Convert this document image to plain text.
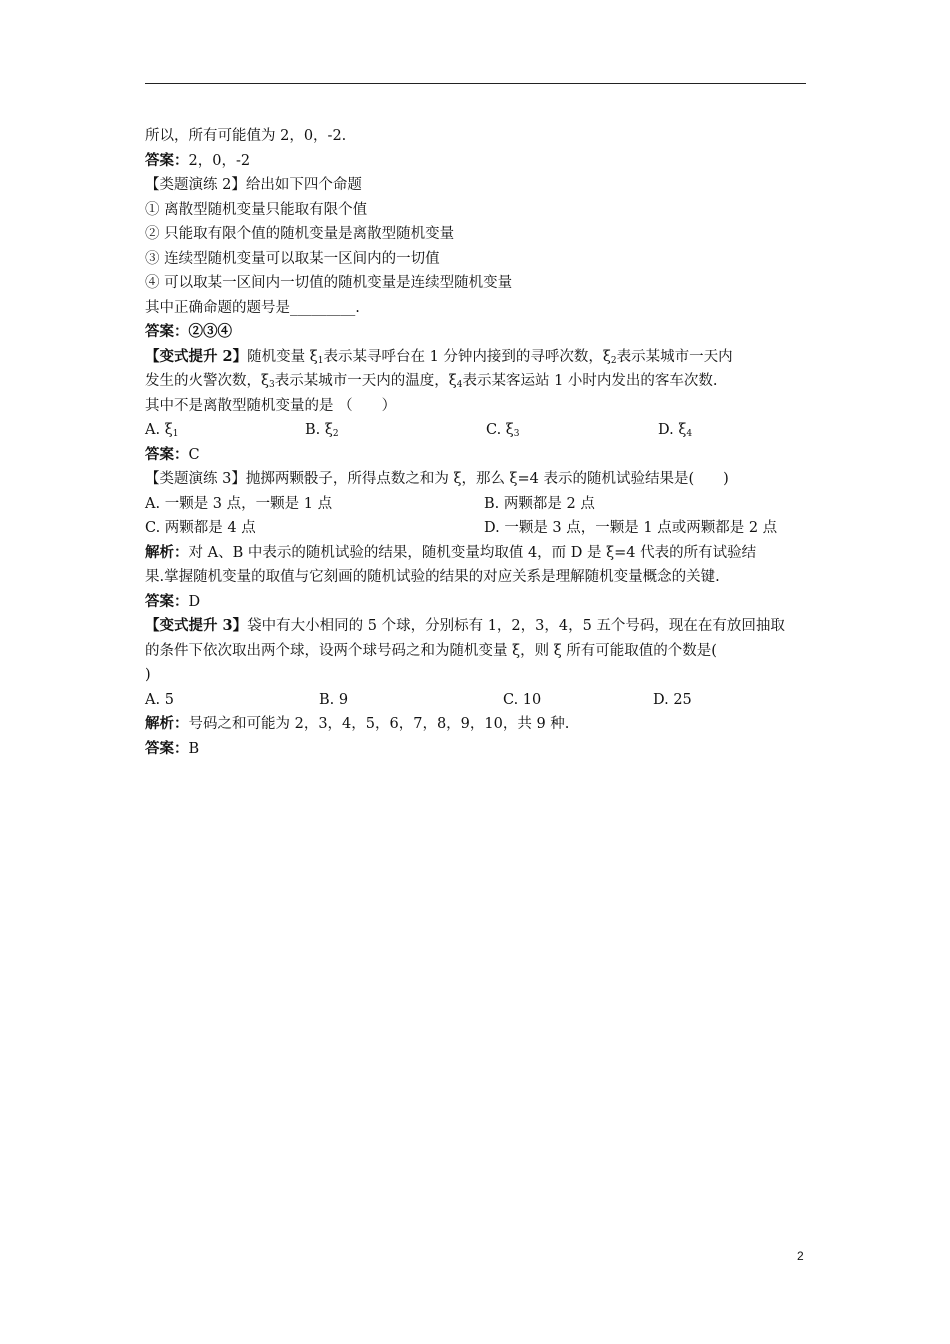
所以，所有可能值为 2，0，-2.
答案：2，0，-2
【类题演练 2】给出如下四个命题
① 离散型随机变量只能取有限个值
② 只能取有限个值的随机变量是离散型随机变量
③ 连续型随机变量可以取某一区间内的一切值
④ 可以取某一区间内一切值的随机变量是连续型随机变量
其中正确命题的题号是_________.
答案：②③④
【变式提升 2】随机变量 $\xi_1$表示某寻呼台在 1 分钟内接到的寻呼次数，$\xi_2$表示某城市一天内
发生的火警次数，$\xi_3$表示某城市一天内的温度，$\xi_4$表示某客运站 1 小时内发出的客车次数.
其中不是离散型随机变量的是 （　　）
A. $\xi_1$	B. $\xi_2$	C. $\xi_3$	D. $\xi_4$
答案：C
【类题演练 3】抛掷两颗骰子，所得点数之和为 ξ，那么 ξ=4 表示的随机试验结果是(　　)
A. 一颗是 3 点，一颗是 1 点	B. 两颗都是 2 点
C. 两颗都是 4 点	D. 一颗是 3 点，一颗是 1 点或两颗都是 2 点
解析：对 A、B 中表示的随机试验的结果，随机变量均取值 4，而 D 是 ξ=4 代表的所有试验结
果.掌握随机变量的取值与它刻画的随机试验的结果的对应关系是理解随机变量概念的关键.
答案：D
【变式提升 3】袋中有大小相同的 5 个球，分别标有 1，2，3，4，5 五个号码，现在在有放回抽取
的条件下依次取出两个球，设两个球号码之和为随机变量 ξ，则 ξ 所有可能取值的个数是(
)
A. 5	B. 9	C. 10	D. 25
解析：号码之和可能为 2，3，4，5，6，7，8，9，10，共 9 种.
答案：B
2
